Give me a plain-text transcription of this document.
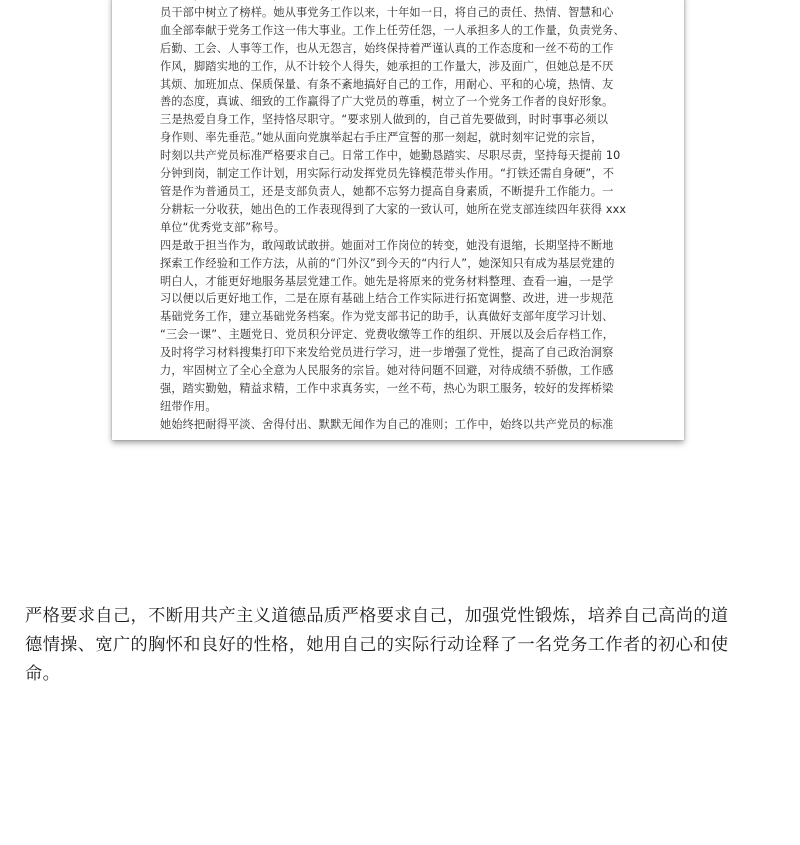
员干部中树立了榜样。她从事党务工作以来，十年如一日，将自己的责任、热情、智慧和心

血全部奉献于党务工作这一伟大事业。工作上任劳任怨，一人承担多人的工作量，负责党务、

后勤、工会、人事等工作，也从无怨言，始终保持着严谨认真的工作态度和一丝不苟的工作

作风，脚踏实地的工作，从不计较个人得失，她承担的工作量大，涉及面广，但她总是不厌

其烦、加班加点、保质保量、有条不紊地搞好自己的工作，用耐心、平和的心境，热情、友

善的态度，真诚、细致的工作赢得了广大党员的尊重，树立了一个党务工作者的良好形象。

三是热爱自身工作，坚持恪尽职守。“要求别人做到的，自己首先要做到，时时事事必须以

身作则、率先垂范。”她从面向党旗举起右手庄严宣誓的那一刻起，就时刻牢记党的宗旨，

时刻以共产党员标准严格要求自己。日常工作中，她勤恳踏实、尽职尽责，坚持每天提前 10

分钟到岗，制定工作计划，用实际行动发挥党员先锋模范带头作用。“打铁还需自身硬”，不

管是作为普通员工，还是支部负责人，她都不忘努力提高自身素质，不断提升工作能力。一

分耕耘一分收获，她出色的工作表现得到了大家的一致认可，她所在党支部连续四年获得 xxx

单位“优秀党支部”称号。

四是敢于担当作为，敢闯敢试敢拼。她面对工作岗位的转变，她没有退缩，长期坚持不断地

探索工作经验和工作方法，从前的“门外汉”到今天的“内行人”，她深知只有成为基层党建的

明白人，才能更好地服务基层党建工作。她先是将原来的党务材料整理、查看一遍，一是学

习以便以后更好地工作，二是在原有基础上结合工作实际进行拓宽调整、改进，进一步规范

基础党务工作，建立基础党务档案。作为党支部书记的助手，认真做好支部年度学习计划、

“三会一课”、主题党日、党员积分评定、党费收缴等工作的组织、开展以及会后存档工作，

及时将学习材料搜集打印下来发给党员进行学习，进一步增强了党性，提高了自己政治洞察

力，牢固树立了全心全意为人民服务的宗旨。她对待问题不回避，对待成绩不骄傲，工作感

强，踏实勤勉，精益求精，工作中求真务实，一丝不苟，热心为职工服务，较好的发挥桥梁

纽带作用。

她始终把耐得平淡、舍得付出、默默无闻作为自己的准则；工作中，始终以共产党员的标准

严格要求自己，不断用共产主义道德品质严格要求自己，加强党性锻炼，培养自己高尚的道

德情操、宽广的胸怀和良好的性格，她用自己的实际行动诠释了一名党务工作者的初心和使

命。
